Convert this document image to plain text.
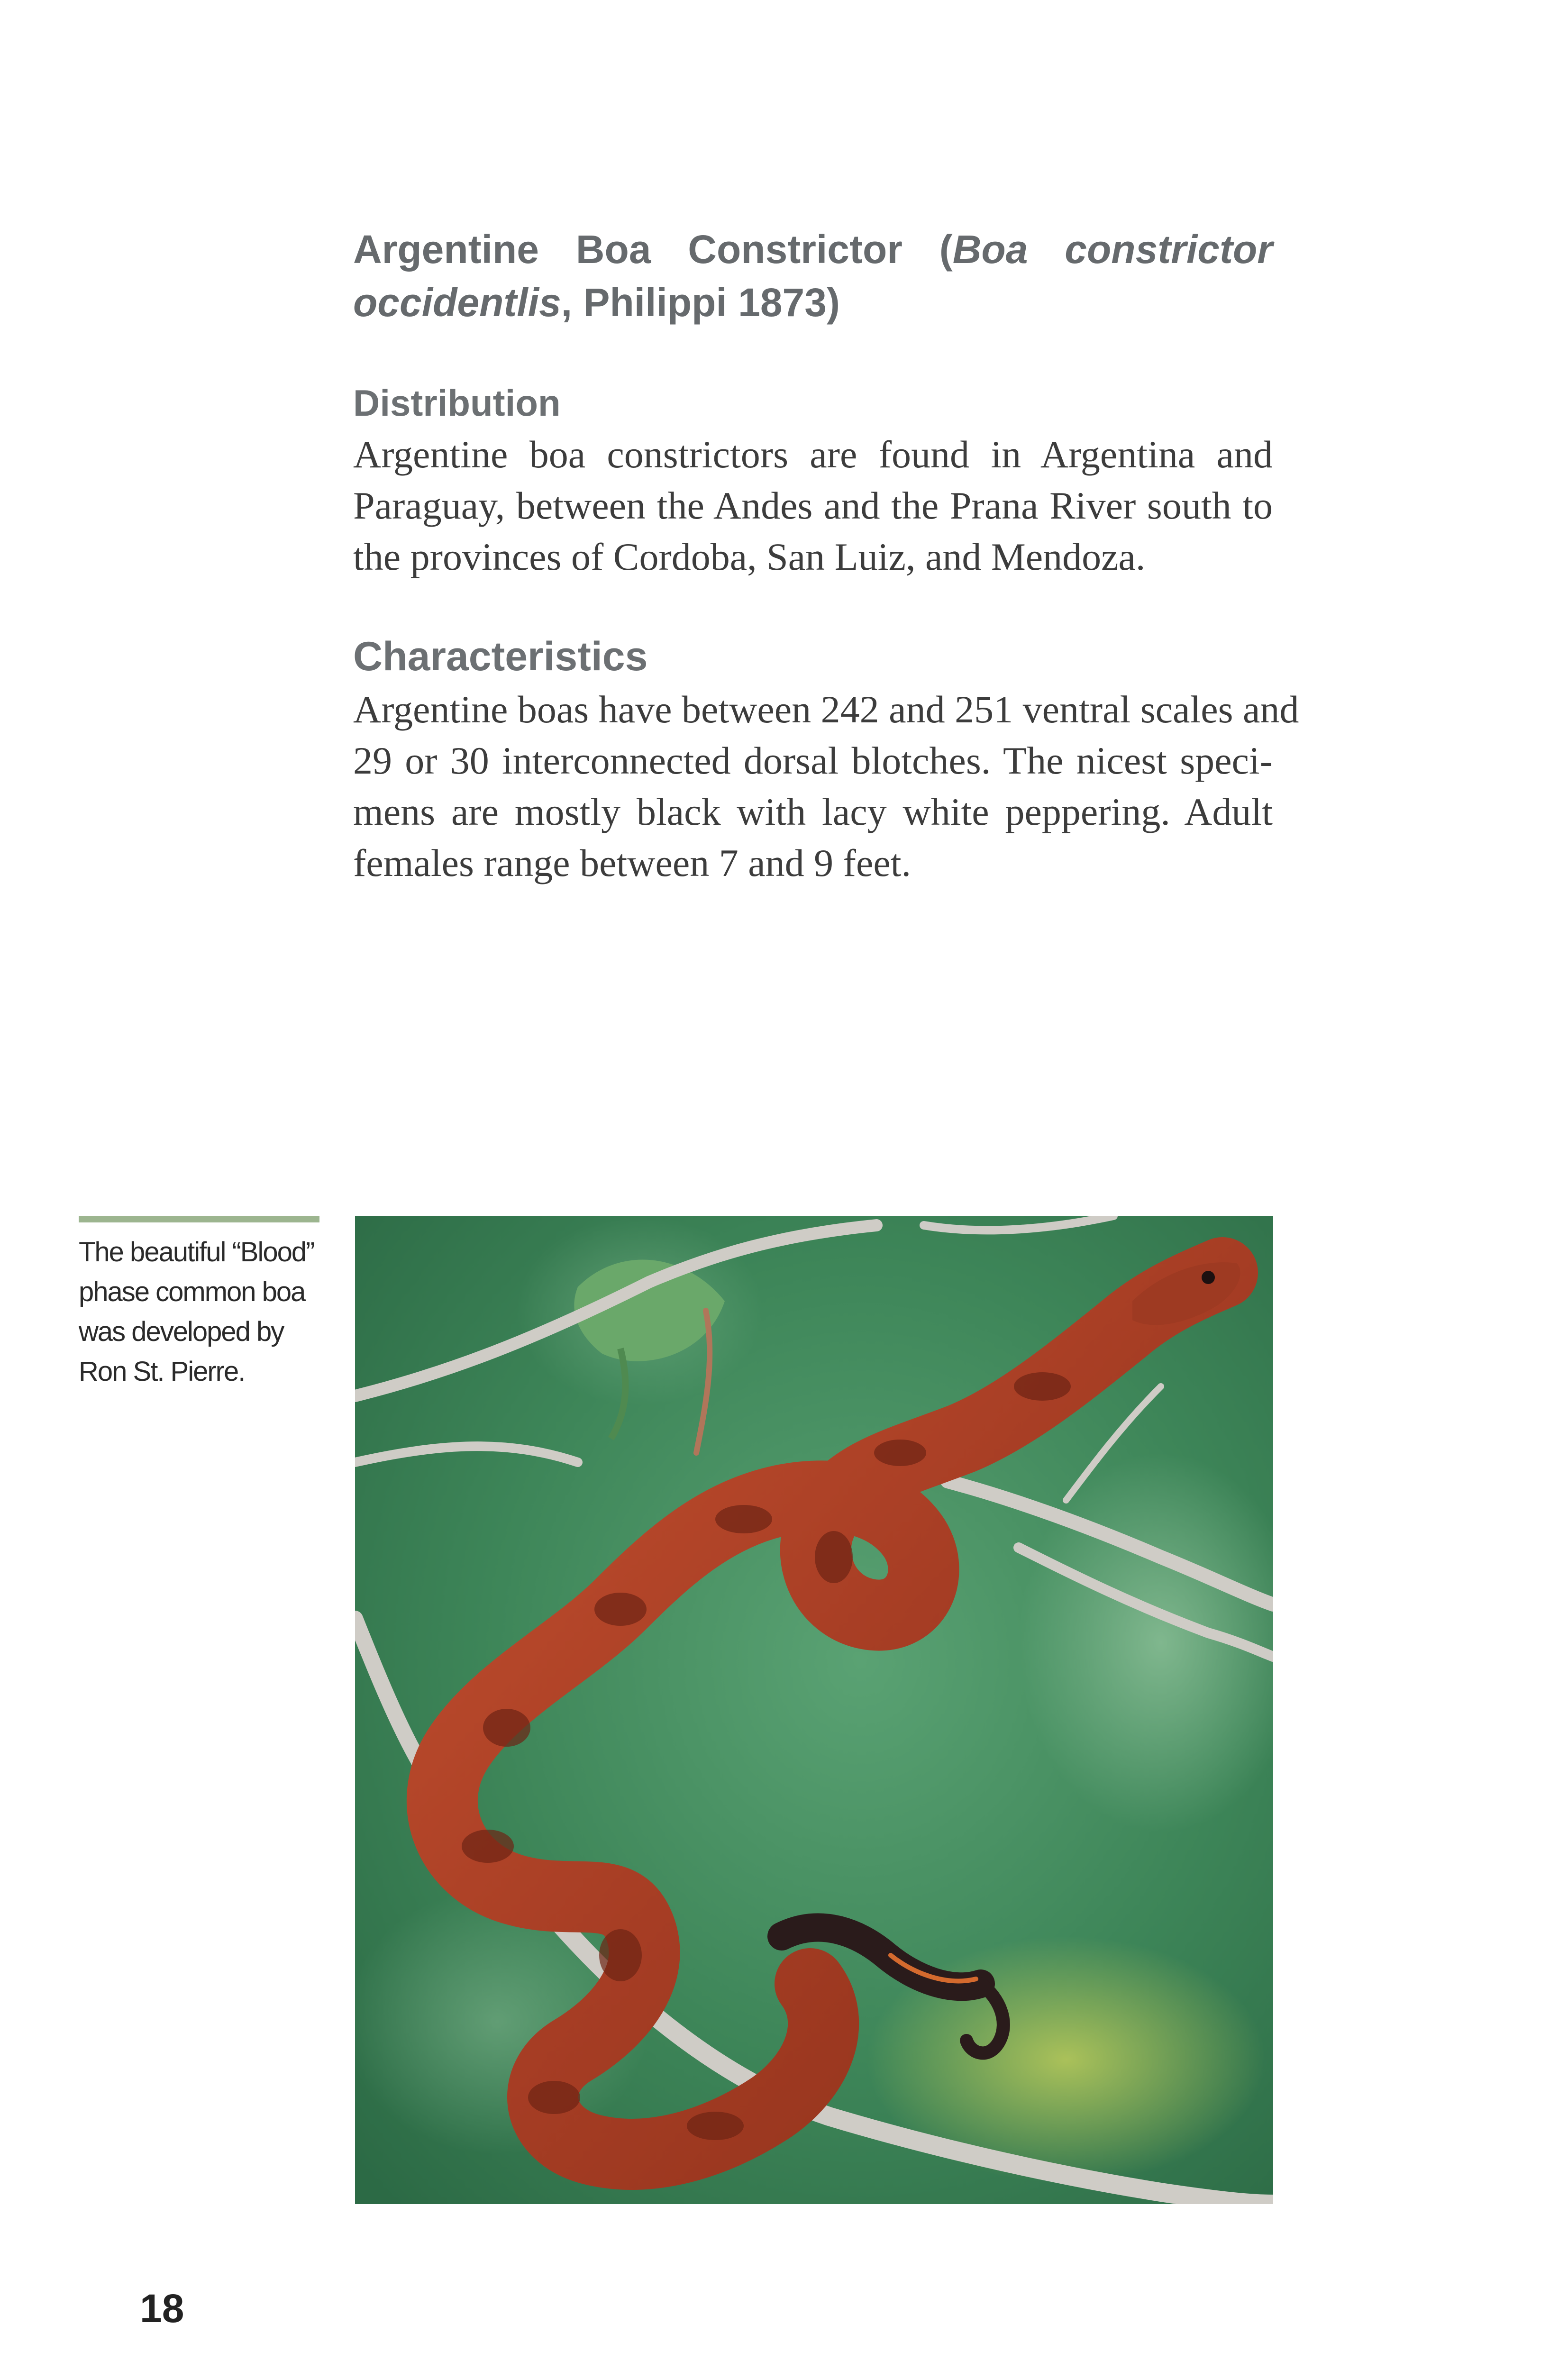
Argentine Boa Constrictor (Boa constrictor
occidentlis, Philippi 1873)
Distribution
Argentine boa constrictors are found in Argentina and
Paraguay, between the Andes and the Prana River south to
the provinces of Cordoba, San Luiz, and Mendoza.
Characteristics
Argentine boas have between 242 and 251 ventral scales and
29 or 30 interconnected dorsal blotches. The nicest speci-
mens are mostly black with lacy white peppering. Adult
females range between 7 and 9 feet.
The beautiful “Blood”
phase common boa
was developed by
Ron St. Pierre.
18
